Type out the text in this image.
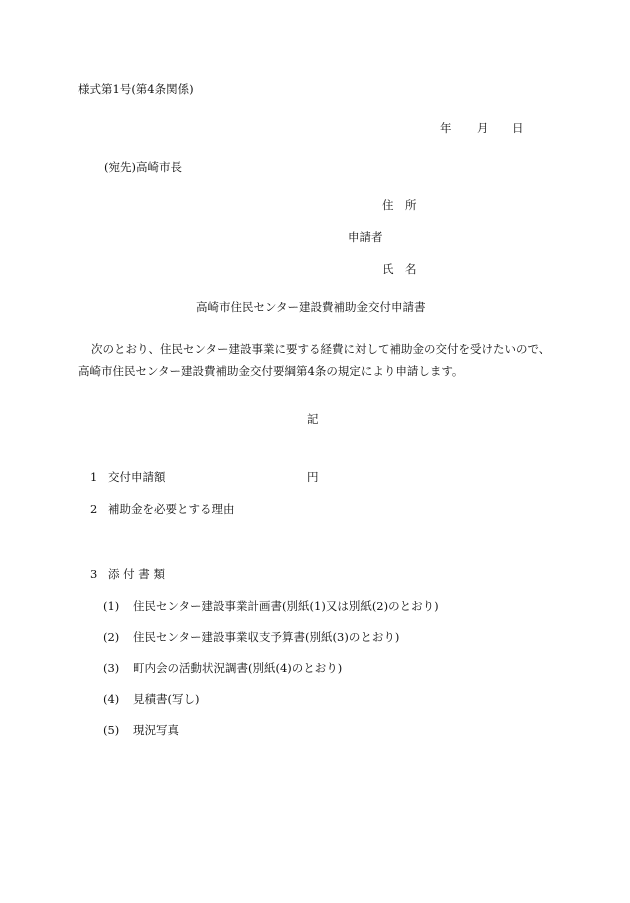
様式第1号(第4条関係)
年 月 日
(宛先)高崎市長
住　所
申請者
氏　名
高崎市住民センター建設費補助金交付申請書
次のとおり、住民センター建設事業に要する経費に対して補助金の交付を受けたいので、
高崎市住民センター建設費補助金交付要綱第4条の規定により申請します。
記
1 交付申請額	円
2 補助金を必要とする理由
3 添 付 書 類
(1) 住民センター建設事業計画書(別紙(1)又は別紙(2)のとおり)
(2) 住民センター建設事業収支予算書(別紙(3)のとおり)
(3) 町内会の活動状況調書(別紙(4)のとおり)
(4) 見積書(写し)
(5) 現況写真
